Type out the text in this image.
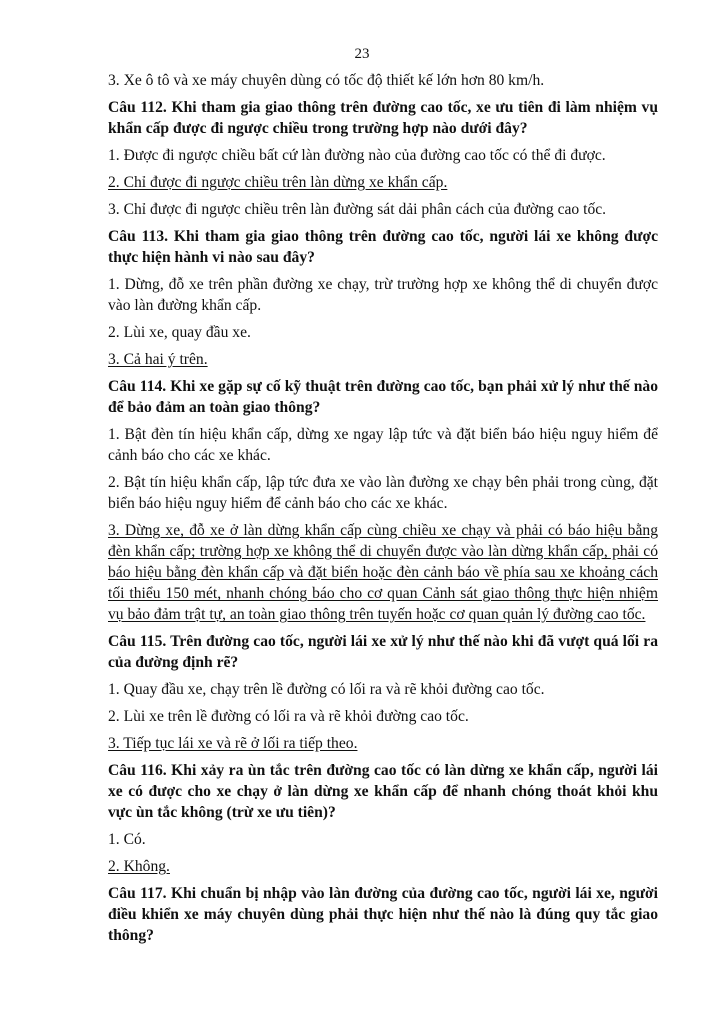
23

3. Xe ô tô và xe máy chuyên dùng có tốc độ thiết kế lớn hơn 80 km/h.

Câu 112. Khi tham gia giao thông trên đường cao tốc, xe ưu tiên đi làm nhiệm vụ khẩn cấp được đi ngược chiều trong trường hợp nào dưới đây?

1. Được đi ngược chiều bất cứ làn đường nào của đường cao tốc có thể đi được.

2. Chỉ được đi ngược chiều trên làn dừng xe khẩn cấp.

3. Chỉ được đi ngược chiều trên làn đường sát dải phân cách của đường cao tốc.

Câu 113. Khi tham gia giao thông trên đường cao tốc, người lái xe không được thực hiện hành vi nào sau đây?

1. Dừng, đỗ xe trên phần đường xe chạy, trừ trường hợp xe không thể di chuyển được vào làn đường khẩn cấp.

2. Lùi xe, quay đầu xe.

3. Cả hai ý trên.

Câu 114. Khi xe gặp sự cố kỹ thuật trên đường cao tốc, bạn phải xử lý như thế nào để bảo đảm an toàn giao thông?

1. Bật đèn tín hiệu khẩn cấp, dừng xe ngay lập tức và đặt biển báo hiệu nguy hiểm để cảnh báo cho các xe khác.

2. Bật tín hiệu khẩn cấp, lập tức đưa xe vào làn đường xe chạy bên phải trong cùng, đặt biển báo hiệu nguy hiểm để cảnh báo cho các xe khác.

3. Dừng xe, đỗ xe ở làn dừng khẩn cấp cùng chiều xe chạy và phải có báo hiệu bằng đèn khẩn cấp; trường hợp xe không thể di chuyển được vào làn dừng khẩn cấp, phải có báo hiệu bằng đèn khẩn cấp và đặt biển hoặc đèn cảnh báo về phía sau xe khoảng cách tối thiểu 150 mét, nhanh chóng báo cho cơ quan Cảnh sát giao thông thực hiện nhiệm vụ bảo đảm trật tự, an toàn giao thông trên tuyến hoặc cơ quan quản lý đường cao tốc.

Câu 115. Trên đường cao tốc, người lái xe xử lý như thế nào khi đã vượt quá lối ra của đường định rẽ?

1. Quay đầu xe, chạy trên lề đường có lối ra và rẽ khỏi đường cao tốc.

2. Lùi xe trên lề đường có lối ra và rẽ khỏi đường cao tốc.

3. Tiếp tục lái xe và rẽ ở lối ra tiếp theo.

Câu 116. Khi xảy ra ùn tắc trên đường cao tốc có làn dừng xe khẩn cấp, người lái xe có được cho xe chạy ở làn dừng xe khẩn cấp để nhanh chóng thoát khỏi khu vực ùn tắc không (trừ xe ưu tiên)?

1. Có.

2. Không.

Câu 117. Khi chuẩn bị nhập vào làn đường của đường cao tốc, người lái xe, người điều khiển xe máy chuyên dùng phải thực hiện như thế nào là đúng quy tắc giao thông?
